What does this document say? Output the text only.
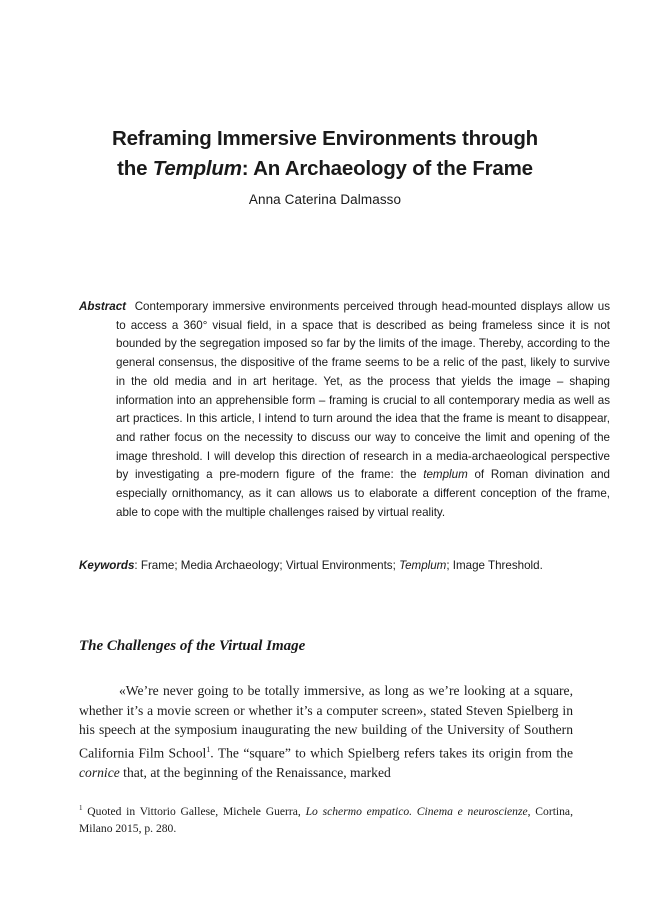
Reframing Immersive Environments through
the Templum: An Archaeology of the Frame
Anna Caterina Dalmasso
Abstract Contemporary immersive environments perceived through head-mounted displays allow us to access a 360° visual field, in a space that is described as being frameless since it is not bounded by the segregation imposed so far by the limits of the image. Thereby, according to the general consensus, the dispositive of the frame seems to be a relic of the past, likely to survive in the old media and in art heritage. Yet, as the process that yields the image – shaping information into an apprehensible form – framing is crucial to all contemporary media as well as art practices. In this article, I intend to turn around the idea that the frame is meant to disappear, and rather focus on the necessity to discuss our way to conceive the limit and opening of the image threshold. I will develop this direction of research in a media-archaeological perspective by investigating a pre-modern figure of the frame: the templum of Roman divination and especially ornithomancy, as it can allows us to elaborate a different conception of the frame, able to cope with the multiple challenges raised by virtual reality.
Keywords: Frame; Media Archaeology; Virtual Environments; Templum; Image Threshold.
The Challenges of the Virtual Image

«We’re never going to be totally immersive, as long as we’re looking at a square, whether it’s a movie screen or whether it’s a computer screen», stated Steven Spielberg in his speech at the symposium inaugurating the new building of the University of Southern California Film School$^1$. The “square” to which Spielberg refers takes its origin from the cornice that, at the beginning of the Renaissance, marked

$^1$ Quoted in Vittorio Gallese, Michele Guerra, Lo schermo empatico. Cinema e neuroscienze, Cortina, Milano 2015, p. 280.
